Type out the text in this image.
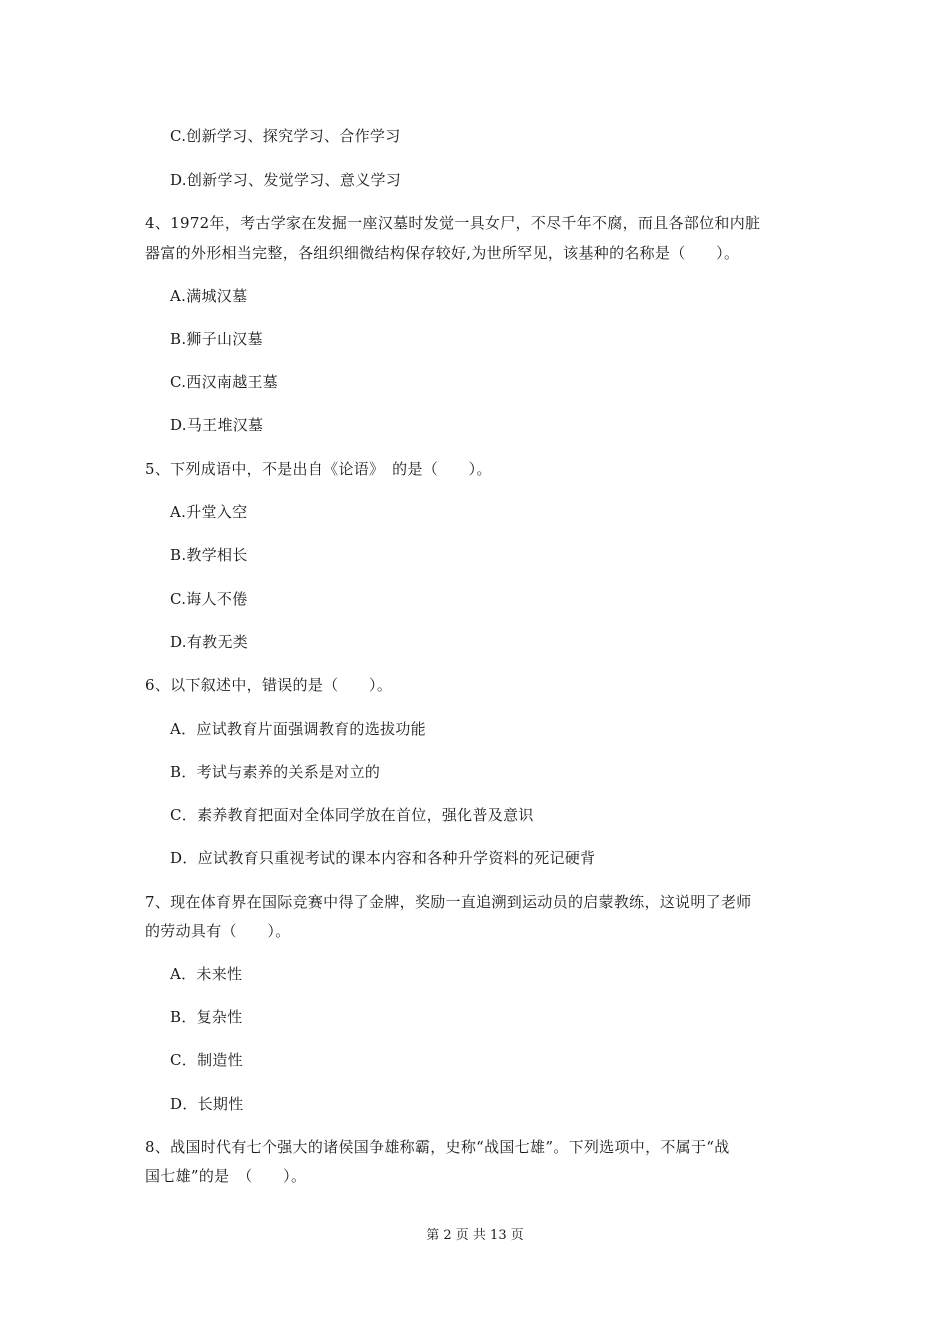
C.创新学习、探究学习、合作学习
D.创新学习、发觉学习、意义学习
4、1972年，考古学家在发掘一座汉墓时发觉一具女尸，不尽千年不腐，而且各部位和内脏
器富的外形相当完整，各组织细微结构保存较好,为世所罕见，该基种的名称是（　　）。
A.满城汉墓
B.狮子山汉墓
C.西汉南越王墓
D.马王堆汉墓
5、下列成语中，不是出自《论语》　的是（　　）。
A.升堂入空
B.教学相长
C.诲人不倦
D.有教无类
6、以下叙述中，错误的是（　　）。
A．应试教育片面强调教育的选拔功能
B．考试与素养的关系是对立的
C．素养教育把面对全体同学放在首位，强化普及意识
D．应试教育只重视考试的课本内容和各种升学资料的死记硬背
7、现在体育界在国际竞赛中得了金牌，奖励一直追溯到运动员的启蒙教练，这说明了老师
的劳动具有（　　）。
A．未来性
B．复杂性
C．制造性
D．长期性
8、战国时代有七个强大的诸侯国争雄称霸，史称“战国七雄”。下列选项中，不属于“战
国七雄”的是　（　　）。
第 2 页 共 13 页
